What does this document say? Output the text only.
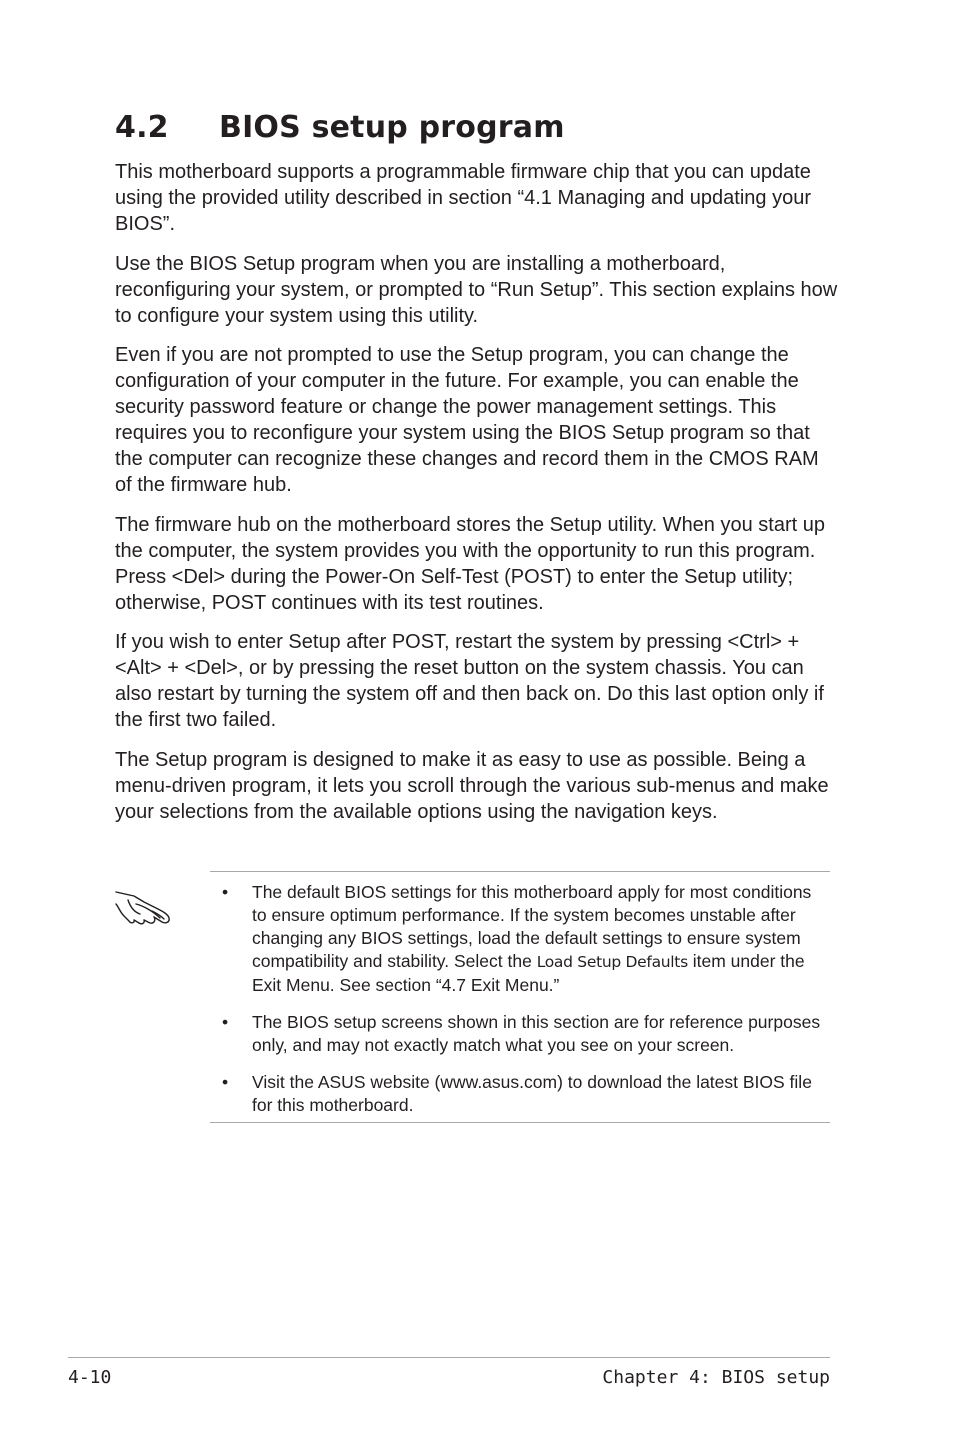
4.2 BIOS setup program

This motherboard supports a programmable firmware chip that you can update using the provided utility described in section “4.1 Managing and updating your BIOS”.

Use the BIOS Setup program when you are installing a motherboard, reconfiguring your system, or prompted to “Run Setup”. This section explains how to configure your system using this utility.

Even if you are not prompted to use the Setup program, you can change the configuration of your computer in the future. For example, you can enable the security password feature or change the power management settings. This requires you to reconfigure your system using the BIOS Setup program so that the computer can recognize these changes and record them in the CMOS RAM of the firmware hub.

The firmware hub on the motherboard stores the Setup utility. When you start up the computer, the system provides you with the opportunity to run this program. Press <Del> during the Power-On Self-Test (POST) to enter the Setup utility; otherwise, POST continues with its test routines.

If you wish to enter Setup after POST, restart the system by pressing <Ctrl> + <Alt> + <Del>, or by pressing the reset button on the system chassis. You can also restart by turning the system off and then back on. Do this last option only if the first two failed.

The Setup program is designed to make it as easy to use as possible. Being a menu-driven program, it lets you scroll through the various sub-menus and make your selections from the available options using the navigation keys.

• The default BIOS settings for this motherboard apply for most conditions to ensure optimum performance. If the system becomes unstable after changing any BIOS settings, load the default settings to ensure system compatibility and stability. Select the Load Setup Defaults item under the Exit Menu. See section “4.7 Exit Menu.”
• The BIOS setup screens shown in this section are for reference purposes only, and may not exactly match what you see on your screen.
• Visit the ASUS website (www.asus.com) to download the latest BIOS file for this motherboard.
4-10	Chapter 4: BIOS setup
